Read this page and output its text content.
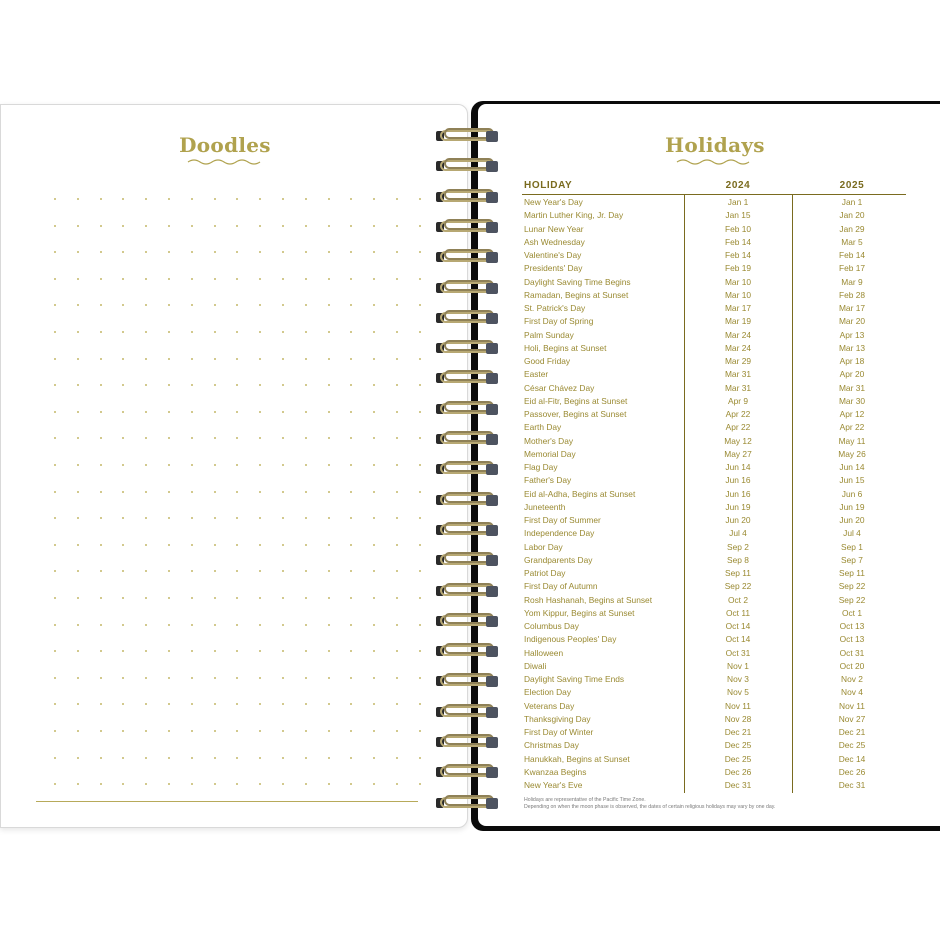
Doodles	Holidays
HOLIDAY	2024	2025
New Year's Day	Jan 1	Jan 1
Martin Luther King, Jr. Day	Jan 15	Jan 20
Lunar New Year	Feb 10	Jan 29
Ash Wednesday	Feb 14	Mar 5
Valentine's Day	Feb 14	Feb 14
Presidents' Day	Feb 19	Feb 17
Daylight Saving Time Begins	Mar 10	Mar 9
Ramadan, Begins at Sunset	Mar 10	Feb 28
St. Patrick's Day	Mar 17	Mar 17
First Day of Spring	Mar 19	Mar 20
Palm Sunday	Mar 24	Apr 13
Holi, Begins at Sunset	Mar 24	Mar 13
Good Friday	Mar 29	Apr 18
Easter	Mar 31	Apr 20
César Chávez Day	Mar 31	Mar 31
Eid al-Fitr, Begins at Sunset	Apr 9	Mar 30
Passover, Begins at Sunset	Apr 22	Apr 12
Earth Day	Apr 22	Apr 22
Mother's Day	May 12	May 11
Memorial Day	May 27	May 26
Flag Day	Jun 14	Jun 14
Father's Day	Jun 16	Jun 15
Eid al-Adha, Begins at Sunset	Jun 16	Jun 6
Juneteenth	Jun 19	Jun 19
First Day of Summer	Jun 20	Jun 20
Independence Day	Jul 4	Jul 4
Labor Day	Sep 2	Sep 1
Grandparents Day	Sep 8	Sep 7
Patriot Day	Sep 11	Sep 11
First Day of Autumn	Sep 22	Sep 22
Rosh Hashanah, Begins at Sunset	Oct 2	Sep 22
Yom Kippur, Begins at Sunset	Oct 11	Oct 1
Columbus Day	Oct 14	Oct 13
Indigenous Peoples' Day	Oct 14	Oct 13
Halloween	Oct 31	Oct 31
Diwali	Nov 1	Oct 20
Daylight Saving Time Ends	Nov 3	Nov 2
Election Day	Nov 5	Nov 4
Veterans Day	Nov 11	Nov 11
Thanksgiving Day	Nov 28	Nov 27
First Day of Winter	Dec 21	Dec 21
Christmas Day	Dec 25	Dec 25
Hanukkah, Begins at Sunset	Dec 25	Dec 14
Kwanzaa Begins	Dec 26	Dec 26
New Year's Eve	Dec 31	Dec 31
Holidays are representative of the Pacific Time Zone.
Depending on when the moon phase is observed, the dates of certain religious holidays may vary by one day.
